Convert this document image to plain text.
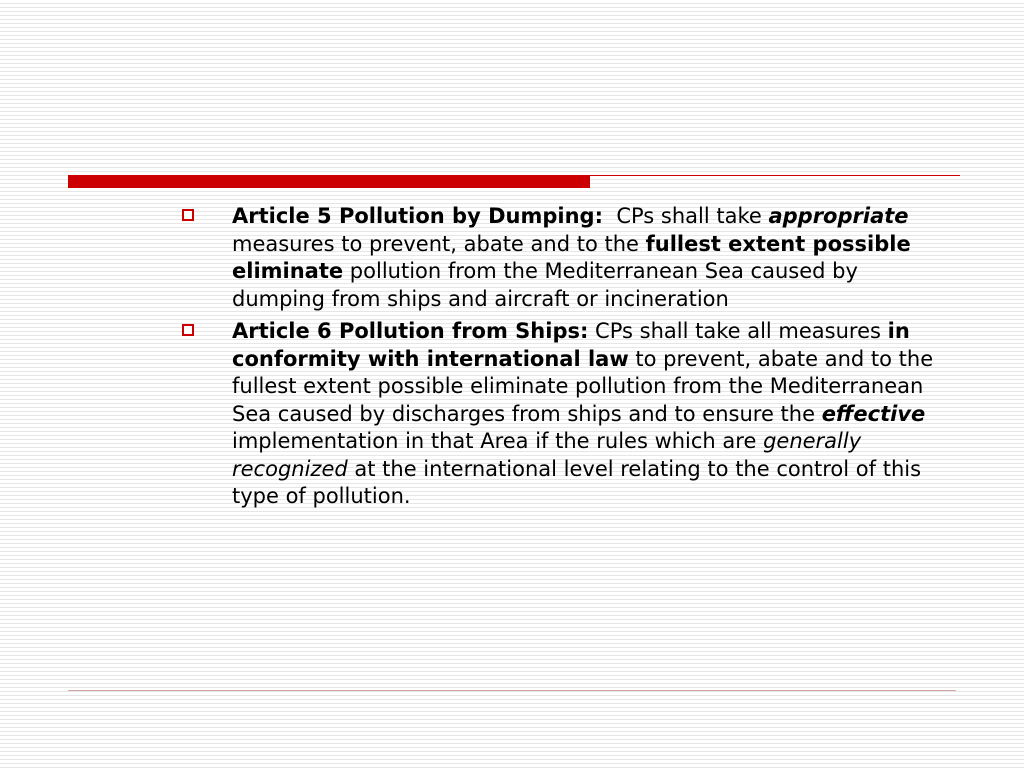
Article 5 Pollution by Dumping:  CPs shall take appropriate measures to prevent, abate and to the fullest extent possible eliminate pollution from the Mediterranean Sea caused by dumping from ships and aircraft or incineration
Article 6 Pollution from Ships: CPs shall take all measures in conformity with international law to prevent, abate and to the fullest extent possible eliminate pollution from the Mediterranean Sea caused by discharges from ships and to ensure the effective implementation in that Area if the rules which are generally recognized at the international level relating to the control of this type of pollution.
